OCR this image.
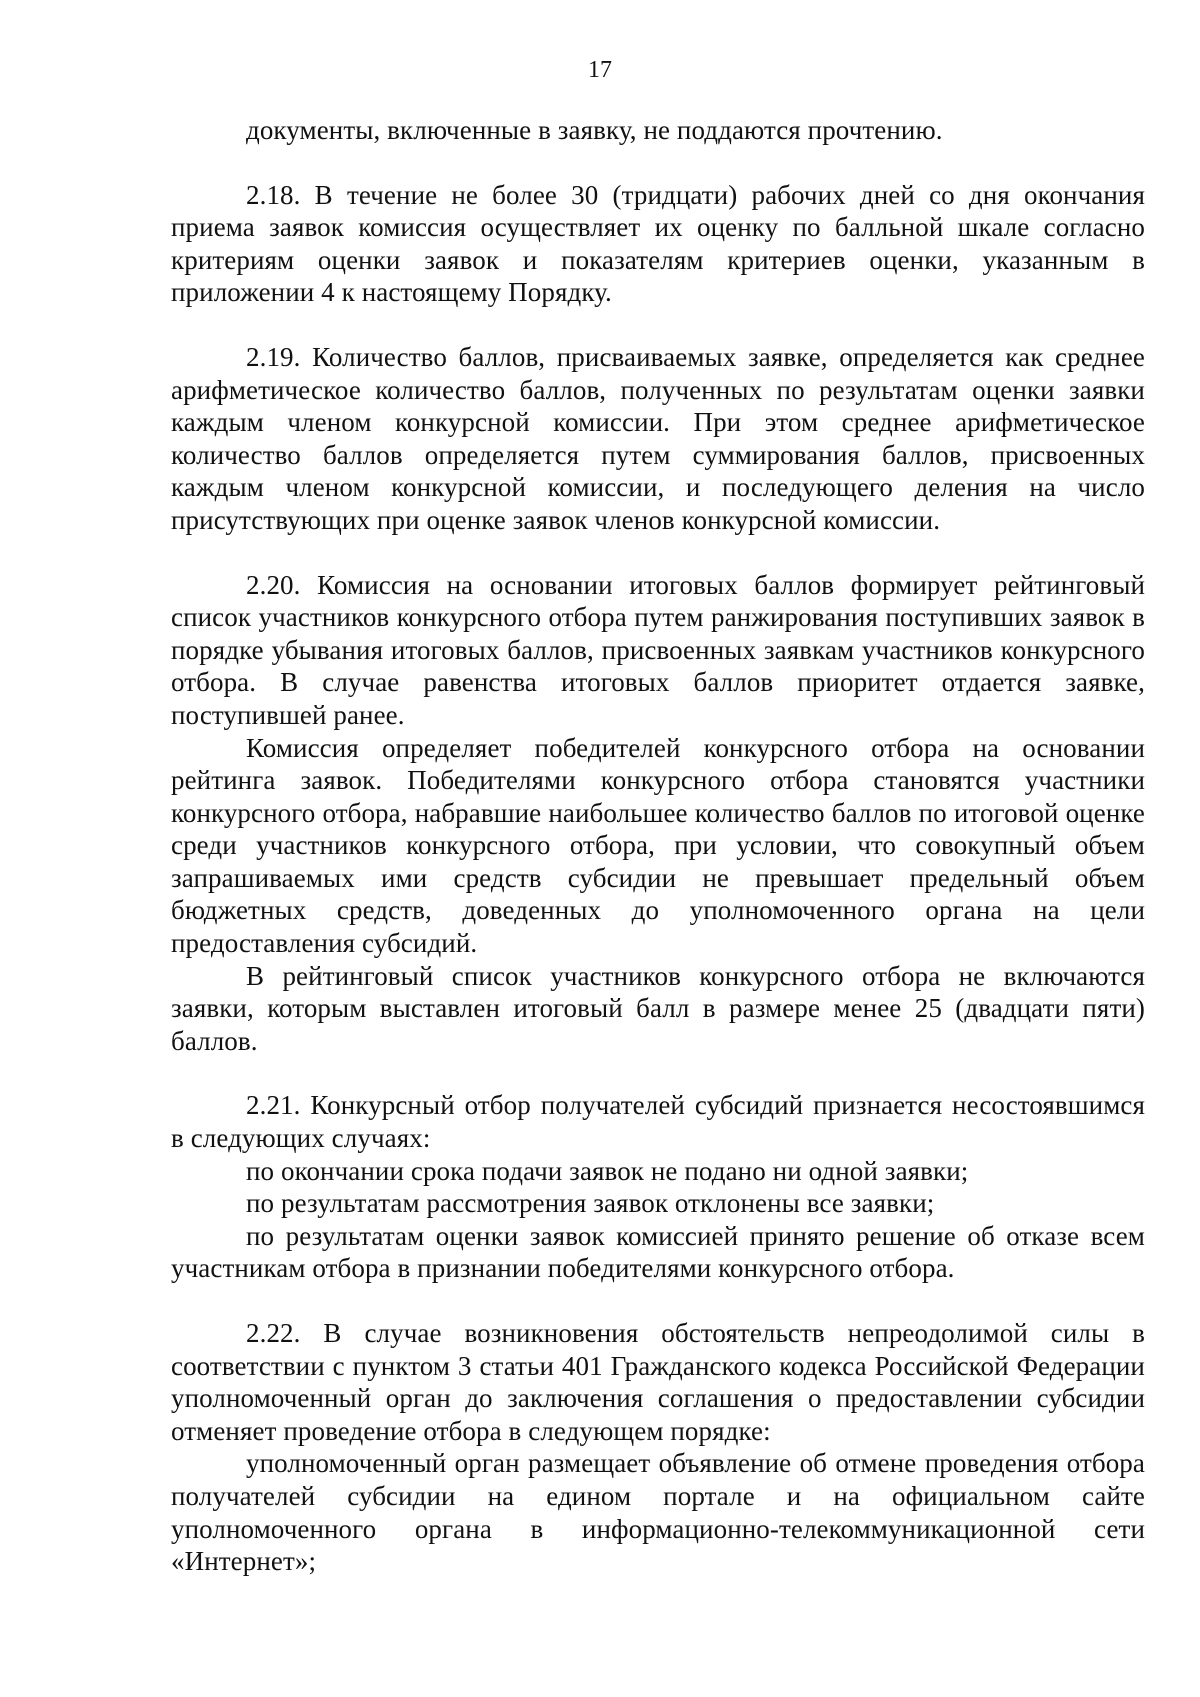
17

документы, включенные в заявку, не поддаются прочтению.

2.18. В течение не более 30 (тридцати) рабочих дней со дня окончания приема заявок комиссия осуществляет их оценку по балльной шкале согласно критериям оценки заявок и показателям критериев оценки, указанным в приложении 4 к настоящему Порядку.

2.19. Количество баллов, присваиваемых заявке, определяется как среднее арифметическое количество баллов, полученных по результатам оценки заявки каждым членом конкурсной комиссии. При этом среднее арифметическое количество баллов определяется путем суммирования баллов, присвоенных каждым членом конкурсной комиссии, и последующего деления на число присутствующих при оценке заявок членов конкурсной комиссии.

2.20. Комиссия на основании итоговых баллов формирует рейтинговый список участников конкурсного отбора путем ранжирования поступивших заявок в порядке убывания итоговых баллов, присвоенных заявкам участников конкурсного отбора. В случае равенства итоговых баллов приоритет отдается заявке, поступившей ранее.

Комиссия определяет победителей конкурсного отбора на основании рейтинга заявок. Победителями конкурсного отбора становятся участники конкурсного отбора, набравшие наибольшее количество баллов по итоговой оценке среди участников конкурсного отбора, при условии, что совокупный объем запрашиваемых ими средств субсидии не превышает предельный объем бюджетных средств, доведенных до уполномоченного органа на цели предоставления субсидий.

В рейтинговый список участников конкурсного отбора не включаются заявки, которым выставлен итоговый балл в размере менее 25 (двадцати пяти) баллов.

2.21. Конкурсный отбор получателей субсидий признается несостоявшимся в следующих случаях:

по окончании срока подачи заявок не подано ни одной заявки;

по результатам рассмотрения заявок отклонены все заявки;

по результатам оценки заявок комиссией принято решение об отказе всем участникам отбора в признании победителями конкурсного отбора.

2.22. В случае возникновения обстоятельств непреодолимой силы в соответствии с пунктом 3 статьи 401 Гражданского кодекса Российской Федерации уполномоченный орган до заключения соглашения о предоставлении субсидии отменяет проведение отбора в следующем порядке:

уполномоченный орган размещает объявление об отмене проведения отбора получателей субсидии на едином портале и на официальном сайте уполномоченного органа в информационно-телекоммуникационной сети «Интернет»;
